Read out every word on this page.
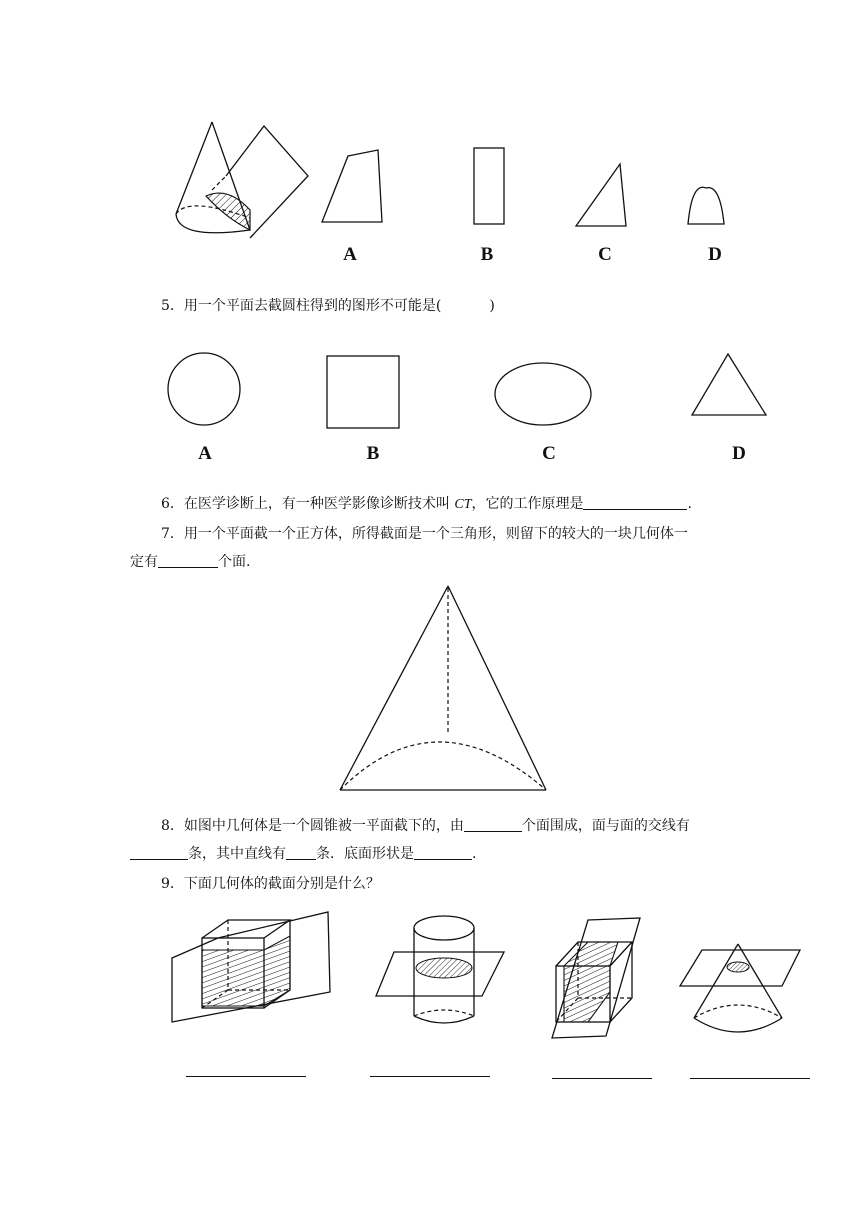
A	B	C	D
5．用一个平面去截圆柱得到的图形不可能是(	)
A	B	C	D
6．在医学诊断上，有一种医学影像诊断技术叫 CT，它的工作原理是	.
7．用一个平面截一个正方体，所得截面是一个三角形，则留下的较大的一块几何体一
定有	个面.
8．如图中几何体是一个圆锥被一平面截下的，由	个面围成，面与面的交线有
条，其中直线有 条．底面形状是	.
9．下面几何体的截面分别是什么？
